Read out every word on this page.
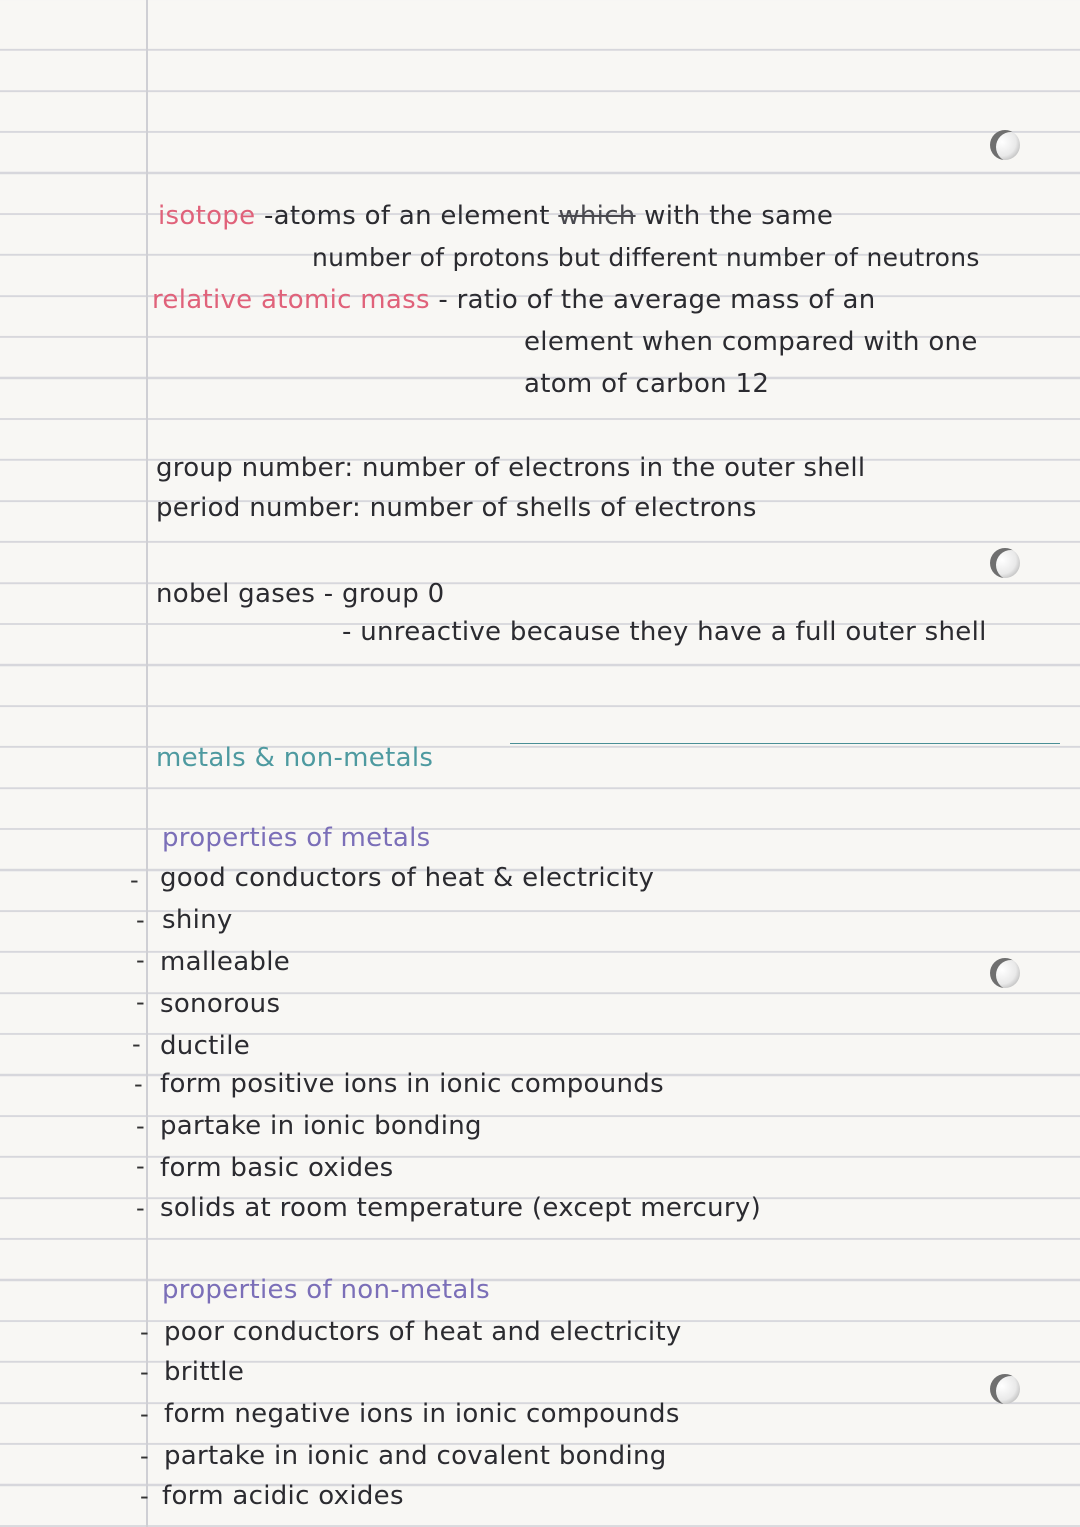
isotope -atoms of an element which with the same
number of protons but different number of neutrons
relative atomic mass - ratio of the average mass of an
element when compared with one
atom of carbon 12
group number: number of electrons in the outer shell
period number: number of shells of electrons
nobel gases - group 0
- unreactive because they have a full outer shell
metals & non-metals
properties of metals
- good conductors of heat & electricity
- shiny
- malleable
- sonorous
- ductile
- form positive ions in ionic compounds
- partake in ionic bonding
- form basic oxides
- solids at room temperature (except mercury)
properties of non-metals
- poor conductors of heat and electricity
- brittle
- form negative ions in ionic compounds
- partake in ionic and covalent bonding
- form acidic oxides
